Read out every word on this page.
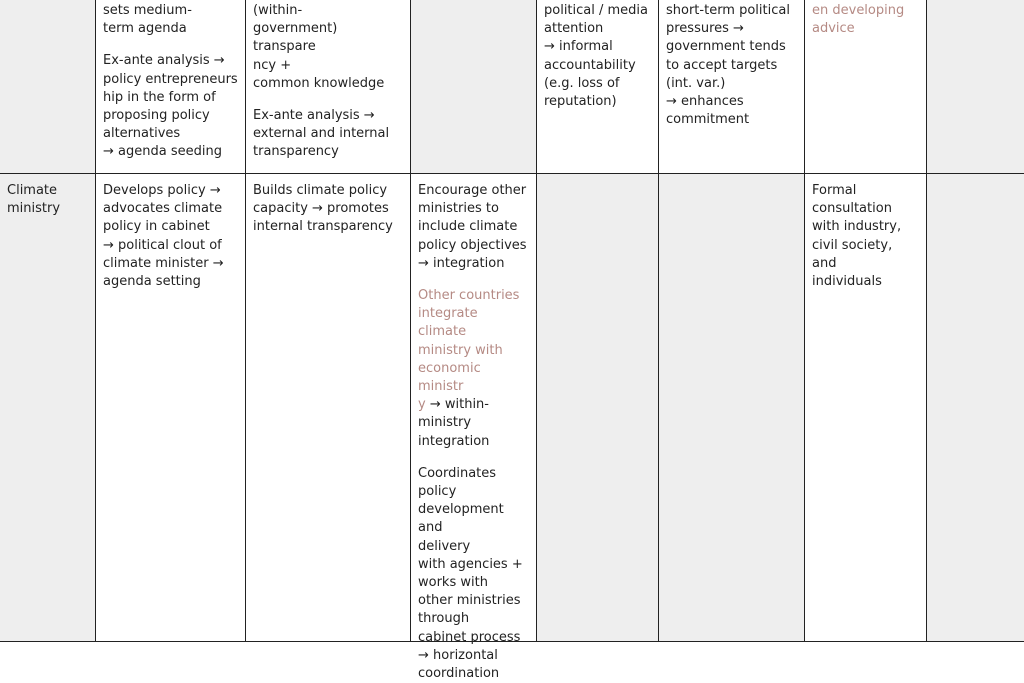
sets medium-
term agenda

Ex-ante analysis →
policy entrepreneurs
hip in the form of
proposing policy
alternatives
→ agenda seeding

(within-
government) transpare
ncy +
common knowledge

Ex-ante analysis →
external and internal
transparency

political / media
attention
→ informal
accountability
(e.g. loss of
reputation)

short-term political
pressures →
government tends
to accept targets
(int. var.)
→ enhances
commitment

en developing
advice

Climate
ministry

Develops policy →
advocates climate
policy in cabinet
→ political clout of
climate minister →
agenda setting

Builds climate policy
capacity → promotes
internal transparency

Encourage other
ministries to
include climate
policy objectives
→ integration

Other countries
integrate climate
ministry with
economic ministr
y → within-
ministry
integration

Coordinates
policy
development and
delivery
with agencies +
works with
other ministries
through
cabinet process
→ horizontal
coordination

Formal
consultation
with industry,
civil society, and
individuals
